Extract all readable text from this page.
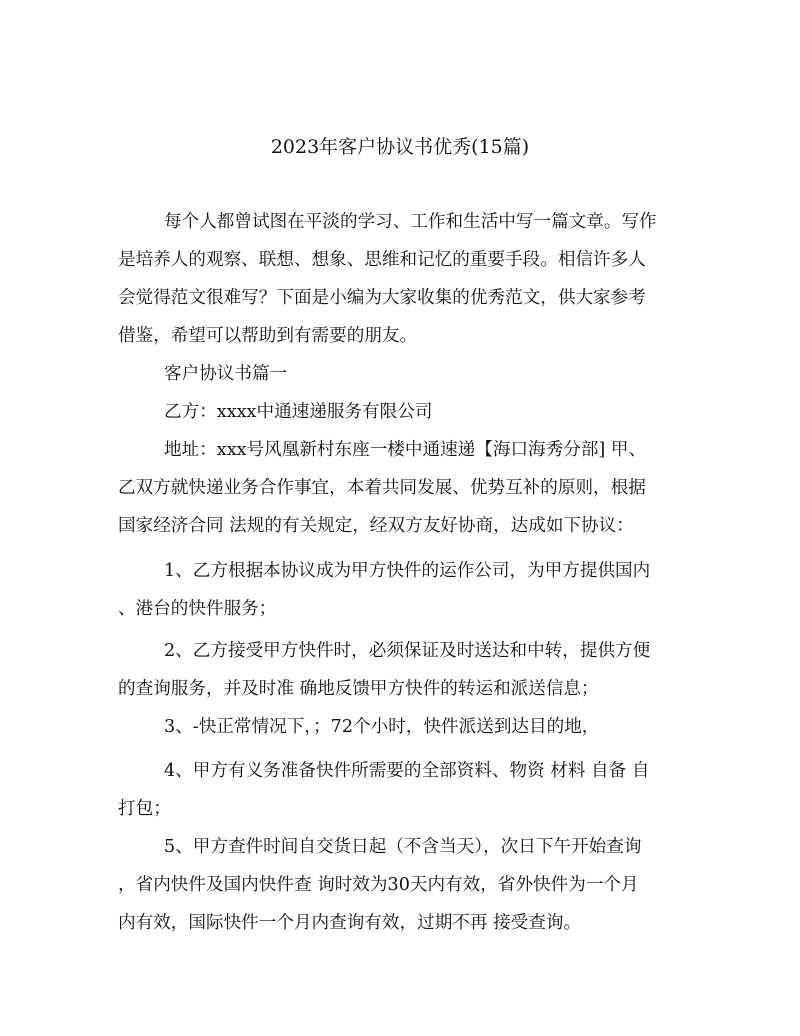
2023年客户协议书优秀(15篇)
每个人都曾试图在平淡的学习、工作和生活中写一篇文章。写作
是培养人的观察、联想、想象、思维和记忆的重要手段。相信许多人
会觉得范文很难写？下面是小编为大家收集的优秀范文，供大家参考
借鉴，希望可以帮助到有需要的朋友。
客户协议书篇一
乙方：xxxx中通速递服务有限公司
地址：xxx号风凰新村东座一楼中通速递【海口海秀分部] 甲、
乙双方就快递业务合作事宜，本着共同发展、优势互补的原则，根据
国家经济合同 法规的有关规定，经双方友好协商，达成如下协议：
1、乙方根据本协议成为甲方快件的运作公司，为甲方提供国内
、港台的快件服务；
2、乙方接受甲方快件时，必须保证及时送达和中转，提供方便
的查询服务，并及时准 确地反馈甲方快件的转运和派送信息；
3、-快正常情况下，；72个小时，快件派送到达目的地，
4、甲方有义务准备快件所需要的全部资料、物资 材料 自备 自
打包；
5、甲方查件时间自交货日起（不含当天），次日下午开始查询
，省内快件及国内快件查 询时效为30天内有效，省外快件为一个月
内有效，国际快件一个月内查询有效，过期不再 接受查询。
